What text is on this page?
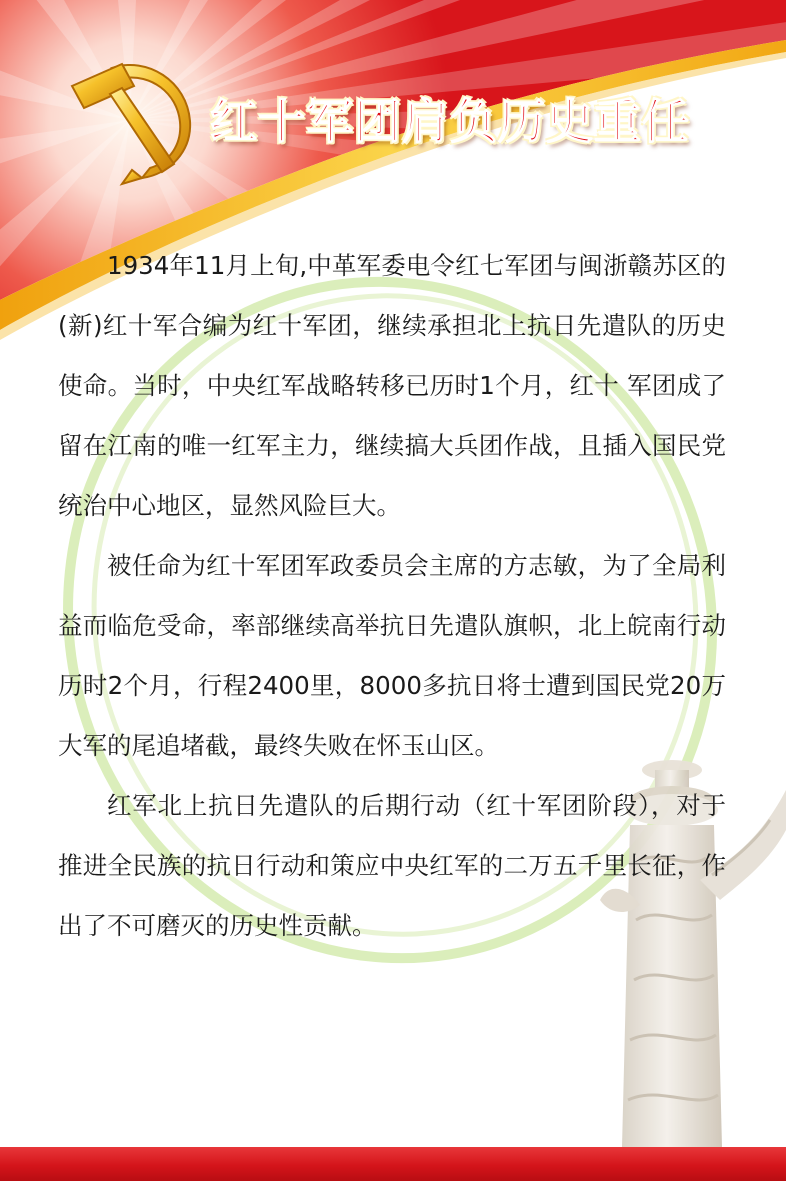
红十军团肩负历史重任

1934年11月上旬,中革军委电令红七军团与闽浙赣苏区的(新)红十军合编为红十军团，继续承担北上抗日先遣队的历史使命。当时，中央红军战略转移已历时1个月，红十 军团成了留在江南的唯一红军主力，继续搞大兵团作战，且插入国民党统治中心地区，显然风险巨大。

被任命为红十军团军政委员会主席的方志敏，为了全局利益而临危受命，率部继续高举抗日先遣队旗帜，北上皖南行动历时2个月，行程2400里，8000多抗日将士遭到国民党20万大军的尾追堵截，最终失败在怀玉山区。

红军北上抗日先遣队的后期行动（红十军团阶段），对于推进全民族的抗日行动和策应中央红军的二万五千里长征，作出了不可磨灭的历史性贡献。
